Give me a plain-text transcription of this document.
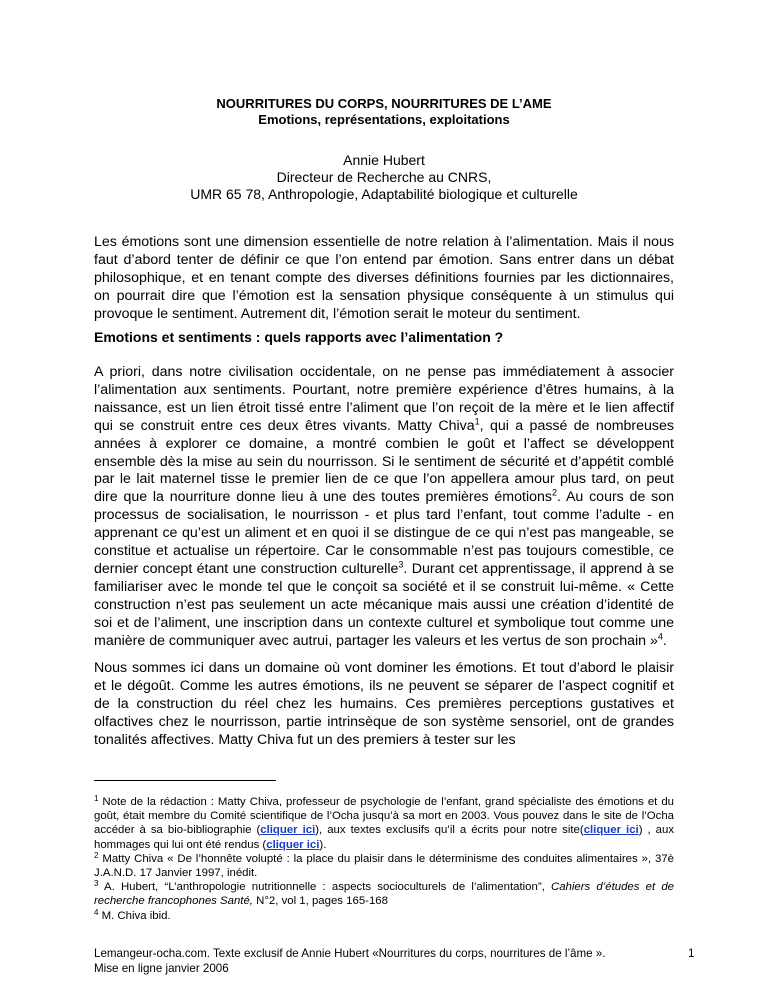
NOURRITURES DU CORPS, NOURRITURES DE L’AME

Emotions, représentations, exploitations

Annie Hubert
Directeur de Recherche au CNRS,
UMR 65 78, Anthropologie, Adaptabilité biologique et culturelle

Les émotions sont une dimension essentielle de notre relation à l’alimentation. Mais il nous faut d’abord tenter de définir ce que l’on entend par émotion. Sans entrer dans un débat philosophique, et en tenant compte des diverses définitions fournies par les dictionnaires, on pourrait dire que l’émotion est la sensation physique conséquente à un stimulus qui provoque le sentiment. Autrement dit, l’émotion serait le moteur du sentiment.

Emotions et sentiments : quels rapports avec l’alimentation ?

A priori, dans notre civilisation occidentale, on ne pense pas immédiatement à associer l’alimentation aux sentiments. Pourtant, notre première expérience d’êtres humains, à la naissance, est un lien étroit tissé entre l’aliment que l’on reçoit de la mère et le lien affectif qui se construit entre ces deux êtres vivants. Matty Chiva$^1$, qui a passé de nombreuses années à explorer ce domaine, a montré combien le goût et l’affect se développent ensemble dès la mise au sein du nourrisson. Si le sentiment de sécurité et d’appétit comblé par le lait maternel tisse le premier lien de ce que l’on appellera amour plus tard, on peut dire que la nourriture donne lieu à une des toutes premières émotions$^2$. Au cours de son processus de socialisation, le nourrisson - et plus tard l’enfant, tout comme l’adulte - en apprenant ce qu’est un aliment et en quoi il se distingue de ce qui n’est pas mangeable, se constitue et actualise un répertoire. Car le consommable n’est pas toujours comestible, ce dernier concept étant une construction culturelle$^3$. Durant cet apprentissage, il apprend à se familiariser avec le monde tel que le conçoit sa société et il se construit lui-même. « Cette construction n’est pas seulement un acte mécanique mais aussi une création d’identité de soi et de l’aliment, une inscription dans un contexte culturel et symbolique tout comme une manière de communiquer avec autrui, partager les valeurs et les vertus de son prochain »$^4$.

Nous sommes ici dans un domaine où vont dominer les émotions. Et tout d’abord le plaisir et le dégoût. Comme les autres émotions, ils ne peuvent se séparer de l’aspect cognitif et de la construction du réel chez les humains. Ces premières perceptions gustatives et olfactives chez le nourrisson, partie intrinsèque de son système sensoriel, ont de grandes tonalités affectives. Matty Chiva fut un des premiers à tester sur les

$^1$ Note de la rédaction : Matty Chiva, professeur de psychologie de l’enfant, grand spécialiste des émotions et du goût, était membre du Comité scientifique de l’Ocha jusqu’à sa mort en 2003. Vous pouvez dans le site de l’Ocha accéder à sa bio-bibliographie (cliquer ici), aux textes exclusifs qu’il a écrits pour notre site(cliquer ici) , aux hommages qui lui ont été rendus (cliquer ici).

$^2$ Matty Chiva « De l’honnête volupté : la place du plaisir dans le déterminisme des conduites alimentaires », 37è J.A.N.D. 17 Janvier 1997, inédit.

$^3$ A. Hubert, “L’anthropologie nutritionnelle : aspects socioculturels de l’alimentation”, Cahiers d’études et de recherche francophones Santé, N°2, vol 1, pages 165-168

$^4$ M. Chiva ibid.

Lemangeur-ocha.com. Texte exclusif de Annie Hubert «Nourritures du corps, nourritures de l’âme ».
Mise en ligne janvier 2006
1
